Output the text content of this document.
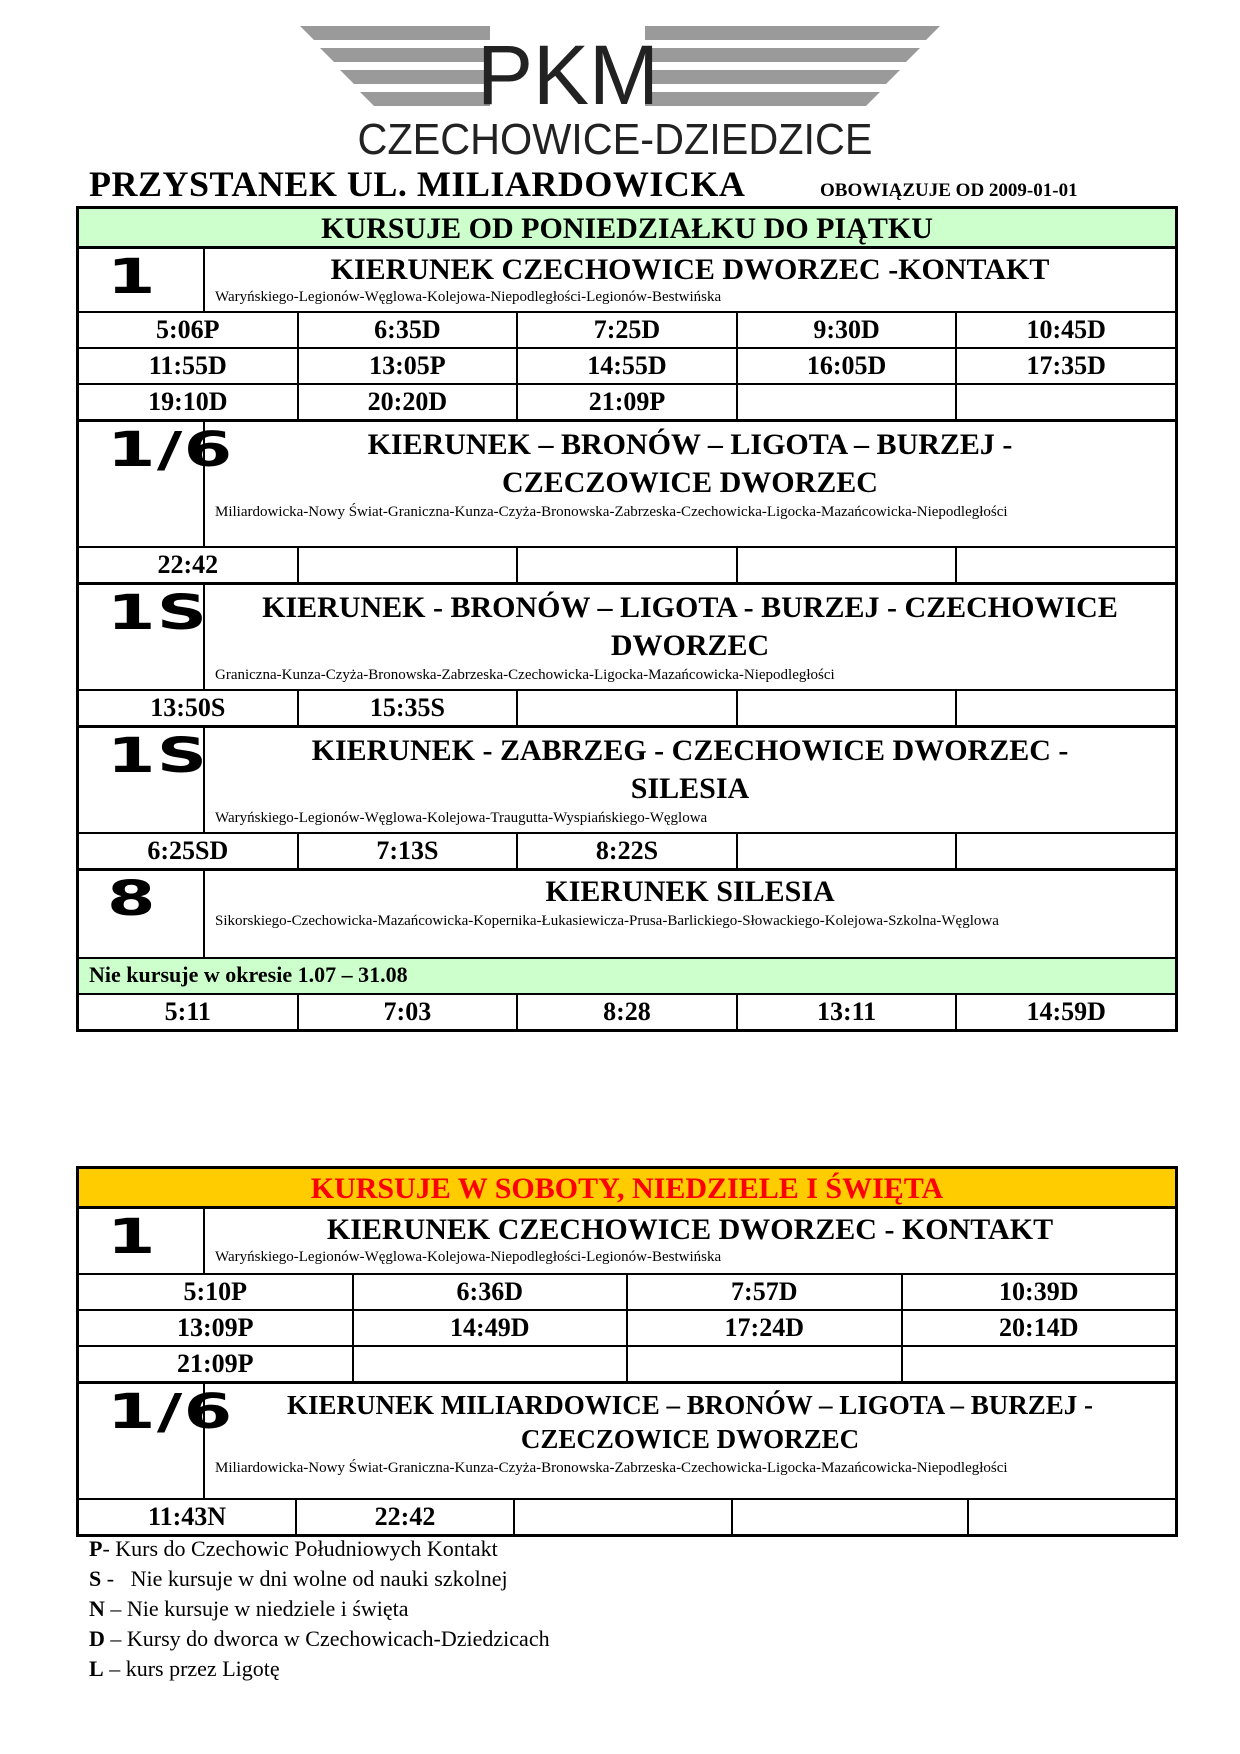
PKM
CZECHOWICE-DZIEDZICE
PRZYSTANEK UL. MILIARDOWICKA	OBOWIĄZUJE OD 2009-01-01
KURSUJE OD PONIEDZIAŁKU DO PIĄTKU
1	KIERUNEK CZECHOWICE DWORZEC -KONTAKT
Waryńskiego-Legionów-Węglowa-Kolejowa-Niepodległości-Legionów-Bestwińska
5:06P	6:35D	7:25D	9:30D	10:45D
11:55D	13:05P	14:55D	16:05D	17:35D
19:10D	20:20D	21:09P
1/6	KIERUNEK – BRONÓW – LIGOTA – BURZEJ - CZECZOWICE DWORZEC
Miliardowicka-Nowy Świat-Graniczna-Kunza-Czyża-Bronowska-Zabrzeska-Czechowicka-Ligocka-Mazańcowicka-Niepodległości
22:42
1S	KIERUNEK - BRONÓW – LIGOTA - BURZEJ - CZECHOWICE DWORZEC
Graniczna-Kunza-Czyża-Bronowska-Zabrzeska-Czechowicka-Ligocka-Mazańcowicka-Niepodległości
13:50S	15:35S
1S	KIERUNEK - ZABRZEG - CZECHOWICE DWORZEC - SILESIA
Waryńskiego-Legionów-Węglowa-Kolejowa-Traugutta-Wyspiańskiego-Węglowa
6:25SD	7:13S	8:22S
8	KIERUNEK SILESIA
Sikorskiego-Czechowicka-Mazańcowicka-Kopernika-Łukasiewicza-Prusa-Barlickiego-Słowackiego-Kolejowa-Szkolna-Węglowa
Nie kursuje w okresie 1.07 – 31.08
5:11	7:03	8:28	13:11	14:59D
KURSUJE W SOBOTY, NIEDZIELE I ŚWIĘTA
1	KIERUNEK CZECHOWICE DWORZEC - KONTAKT
Waryńskiego-Legionów-Węglowa-Kolejowa-Niepodległości-Legionów-Bestwińska
5:10P	6:36D	7:57D	10:39D
13:09P	14:49D	17:24D	20:14D
21:09P
1/6	KIERUNEK MILIARDOWICE – BRONÓW – LIGOTA – BURZEJ - CZECZOWICE DWORZEC
Miliardowicka-Nowy Świat-Graniczna-Kunza-Czyża-Bronowska-Zabrzeska-Czechowicka-Ligocka-Mazańcowicka-Niepodległości
11:43N	22:42
P- Kurs do Czechowic Południowych Kontakt
S -   Nie kursuje w dni wolne od nauki szkolnej
N – Nie kursuje w niedziele i święta
D – Kursy do dworca w Czechowicach-Dziedzicach
L – kurs przez Ligotę
